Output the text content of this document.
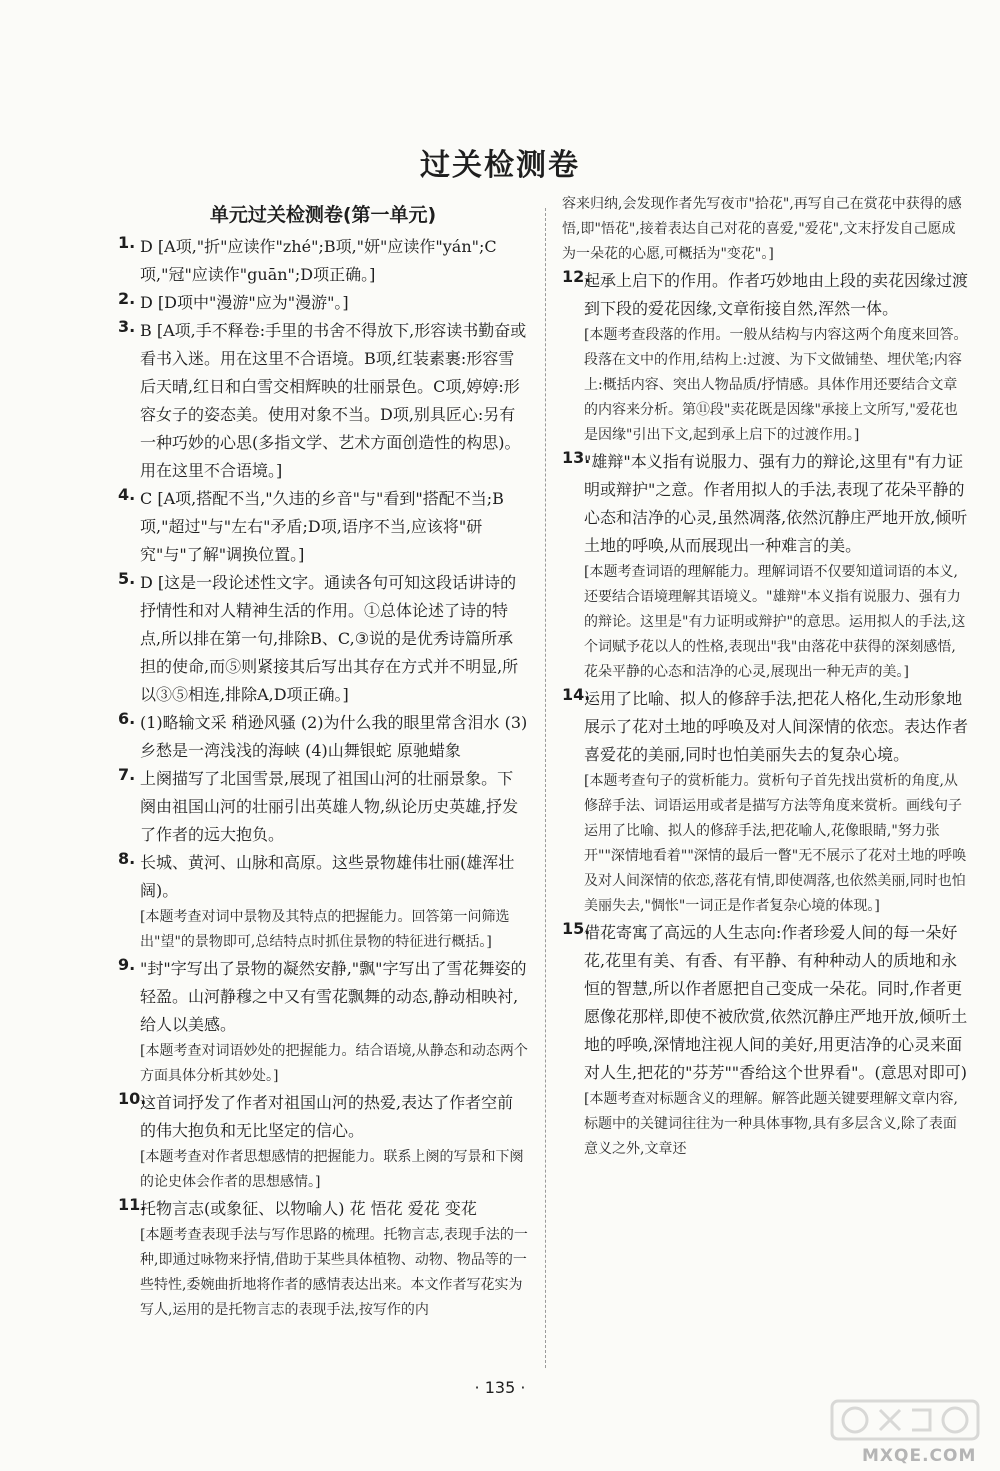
过关检测卷
单元过关检测卷(第一单元)
1. D [A项,"折"应读作"zhé";B项,"妍"应读作"yán";C项,"冠"应读作"guān";D项正确。]

2. D [D项中"漫游"应为"漫游"。]

3. B [A项,手不释卷:手里的书舍不得放下,形容读书勤奋或看书入迷。用在这里不合语境。B项,红装素裹:形容雪后天晴,红日和白雪交相辉映的壮丽景色。C项,婷婷:形容女子的姿态美。使用对象不当。D项,别具匠心:另有一种巧妙的心思(多指文学、艺术方面创造性的构思)。用在这里不合语境。]

4. C [A项,搭配不当,"久违的乡音"与"看到"搭配不当;B项,"超过"与"左右"矛盾;D项,语序不当,应该将"研究"与"了解"调换位置。]

5. D [这是一段论述性文字。通读各句可知这段话讲诗的抒情性和对人精神生活的作用。①总体论述了诗的特点,所以排在第一句,排除B、C,③说的是优秀诗篇所承担的使命,而⑤则紧接其后写出其存在方式并不明显,所以③⑤相连,排除A,D项正确。]

6. (1)略输文采 稍逊风骚 (2)为什么我的眼里常含泪水 (3)乡愁是一湾浅浅的海峡 (4)山舞银蛇 原驰蜡象

7. 上阕描写了北国雪景,展现了祖国山河的壮丽景象。下阕由祖国山河的壮丽引出英雄人物,纵论历史英雄,抒发了作者的远大抱负。

8. 长城、黄河、山脉和高原。这些景物雄伟壮丽(雄浑壮阔)。

[本题考查对词中景物及其特点的把握能力。回答第一问筛选出"望"的景物即可,总结特点时抓住景物的特征进行概括。]

9. "封"字写出了景物的凝然安静,"飘"字写出了雪花舞姿的轻盈。山河静穆之中又有雪花飘舞的动态,静动相映衬,给人以美感。

[本题考查对词语妙处的把握能力。结合语境,从静态和动态两个方面具体分析其妙处。]

10.

这首词抒发了作者对祖国山河的热爱,表达了作者空前的伟大抱负和无比坚定的信心。

[本题考查对作者思想感情的把握能力。联系上阕的写景和下阕的论史体会作者的思想感情。]

11.

托物言志(或象征、以物喻人) 花 悟花 爱花 变花

[本题考查表现手法与写作思路的梳理。托物言志,表现手法的一种,即通过咏物来抒情,借助于某些具体植物、动物、物品等的一些特性,委婉曲折地将作者的感情表达出来。本文作者写花实为写人,运用的是托物言志的表现手法,按写作的内

容来归纳,会发现作者先写夜市"拾花",再写自己在赏花中获得的感悟,即"悟花",接着表达自己对花的喜爱,"爱花",文末抒发自己愿成为一朵花的心愿,可概括为"变花"。]

12.

起承上启下的作用。作者巧妙地由上段的卖花因缘过渡到下段的爱花因缘,文章衔接自然,浑然一体。

[本题考查段落的作用。一般从结构与内容这两个角度来回答。段落在文中的作用,结构上:过渡、为下文做铺垫、埋伏笔;内容上:概括内容、突出人物品质/抒情感。具体作用还要结合文章的内容来分析。第⑪段"卖花既是因缘"承接上文所写,"爱花也是因缘"引出下文,起到承上启下的过渡作用。]

13.

"雄辩"本义指有说服力、强有力的辩论,这里有"有力证明或辩护"之意。作者用拟人的手法,表现了花朵平静的心态和洁净的心灵,虽然凋落,依然沉静庄严地开放,倾听土地的呼唤,从而展现出一种难言的美。

[本题考查词语的理解能力。理解词语不仅要知道词语的本义,还要结合语境理解其语境义。"雄辩"本义指有说服力、强有力的辩论。这里是"有力证明或辩护"的意思。运用拟人的手法,这个词赋予花以人的性格,表现出"我"由落花中获得的深刻感悟,花朵平静的心态和洁净的心灵,展现出一种无声的美。]

14.

运用了比喻、拟人的修辞手法,把花人格化,生动形象地展示了花对土地的呼唤及对人间深情的依恋。表达作者喜爱花的美丽,同时也怕美丽失去的复杂心境。

[本题考查句子的赏析能力。赏析句子首先找出赏析的角度,从修辞手法、词语运用或者是描写方法等角度来赏析。画线句子运用了比喻、拟人的修辞手法,把花喻人,花像眼睛,"努力张开""深情地看着""深情的最后一瞥"无不展示了花对土地的呼唤及对人间深情的依恋,落花有情,即使凋落,也依然美丽,同时也怕美丽失去,"惆怅"一词正是作者复杂心境的体现。]

15.

借花寄寓了高远的人生志向:作者珍爱人间的每一朵好花,花里有美、有香、有平静、有种种动人的质地和永恒的智慧,所以作者愿把自己变成一朵花。同时,作者更愿像花那样,即使不被欣赏,依然沉静庄严地开放,倾听土地的呼唤,深情地注视人间的美好,用更洁净的心灵来面对人生,把花的"芬芳""香给这个世界看"。(意思对即可)

[本题考查对标题含义的理解。解答此题关键要理解文章内容,标题中的关键词往往为一种具体事物,具有多层含义,除了表面意义之外,文章还

· 135 ·
MXQE.COM
